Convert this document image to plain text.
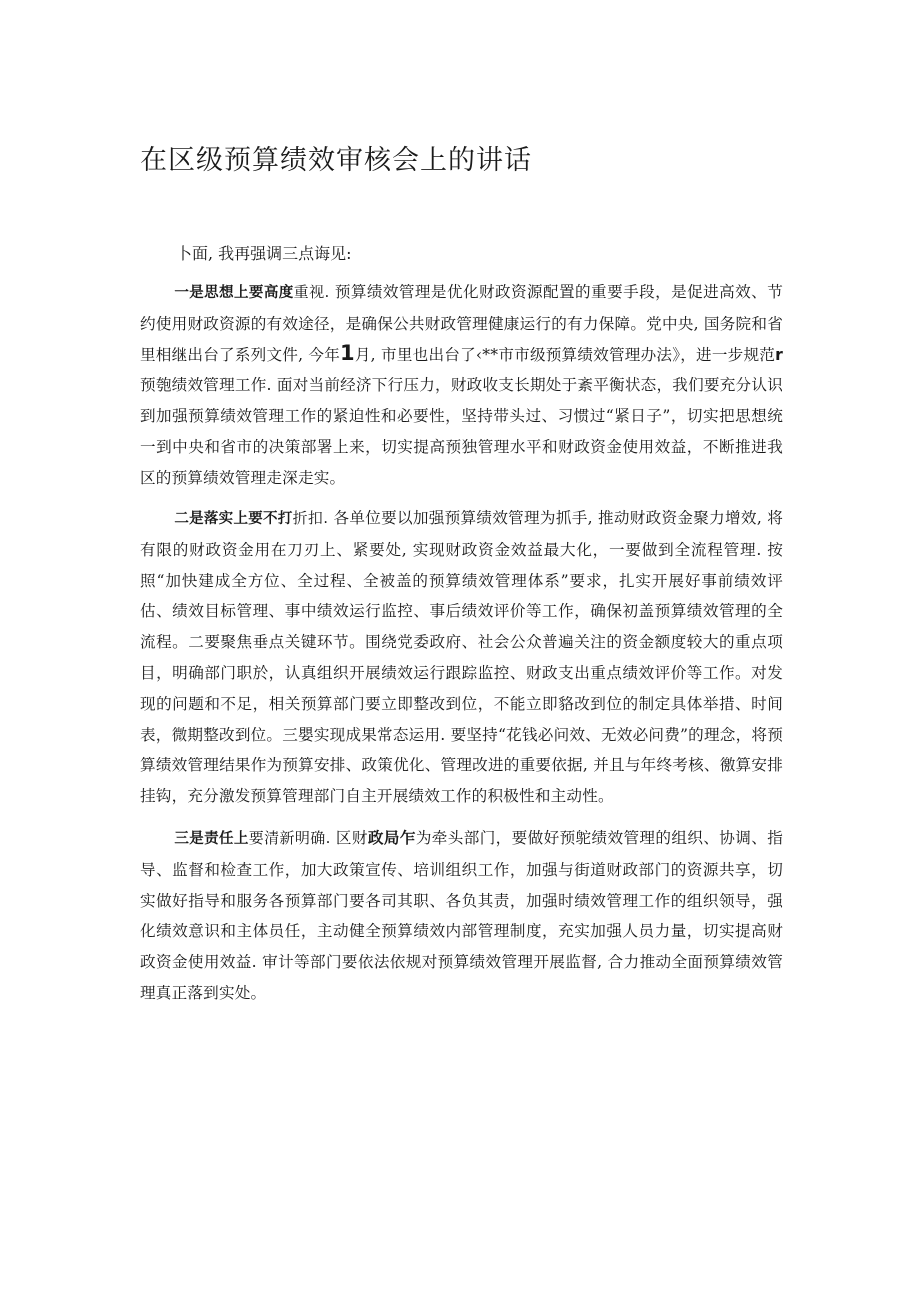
在区级预算绩效审核会上的讲话

卜面, 我再强调三点诲见:

一是思想上要高度重视. 预算绩效管理是优化财政资源配置的重要手段，是促进高效、节约使用财政资源的有效途径，是确保公共财政管理健康运行的有力保障。党中央, 国务院和省里相继出台了系列文件, 今年1月, 市里也出台了‹**市市级预算绩效管理办法》，进一步规范r预匏绩效管理工作. 面对当前经济下行压力，财政收支长期处于紊平衡状态，我们要充分认识到加强预算绩效管理工作的紧迫性和必要性，坚持带头过、习惯过“紧日子”，切实把思想统一到中央和省市的决策部署上来，切实提高预独管理水平和财政资金使用效益，不断推进我区的预算绩效管理走深走实。

二是落实上要不打折扣. 各单位要以加强预算绩效管理为抓手, 推动财政资金聚力增效, 将有限的财政资金用在刀刃上、紧要处, 实现财政资金效益最大化，一要做到全流程管理. 按照“加快建成全方位、全过程、全被盖的预算绩效管理体系”要求，扎实开展好事前绩效评估、绩效目标管理、事中绩效运行监控、事后绩效评价等工作，确保初盖预算绩效管理的全流程。二要聚焦垂点关键环节。围绕党委政府、社会公众普遍关注的资金额度较大的重点项目，明确部门职於，认真组织开展绩效运行跟踪监控、财政支出重点绩效评价等工作。对发现的问题和不足，相关预算部门要立即整改到位，不能立即貉改到位的制定具体举措、时间表，微期整改到位。三嬰实现成果常态运用. 要坚持“花钱必问效、无效必问费”的理念，将预算绩效管理结果作为预算安排、政策优化、管理改进的重要依据, 并且与年终考核、徼算安排挂钩，充分激发预算管理部门自主开展绩效工作的积极性和主动性。

三是责任上要清新明确. 区财政局乍为牵头部门，要做好预鸵绩效管理的组织、协调、指导、监督和检查工作，加大政策宣传、培训组织工作，加强与街道财政部门的资源共享，切实做好指导和服务各预算部门要各司其职、各负其责，加强时绩效管理工作的组织领导，强化绩效意识和主体员任，主动健全预算绩效内部管理制度，充实加强人员力量，切实提高财政资金使用效益. 审计等部门要依法依规对预算绩效管理开展监督, 合力推动全面预算绩效管理真正落到实处。
